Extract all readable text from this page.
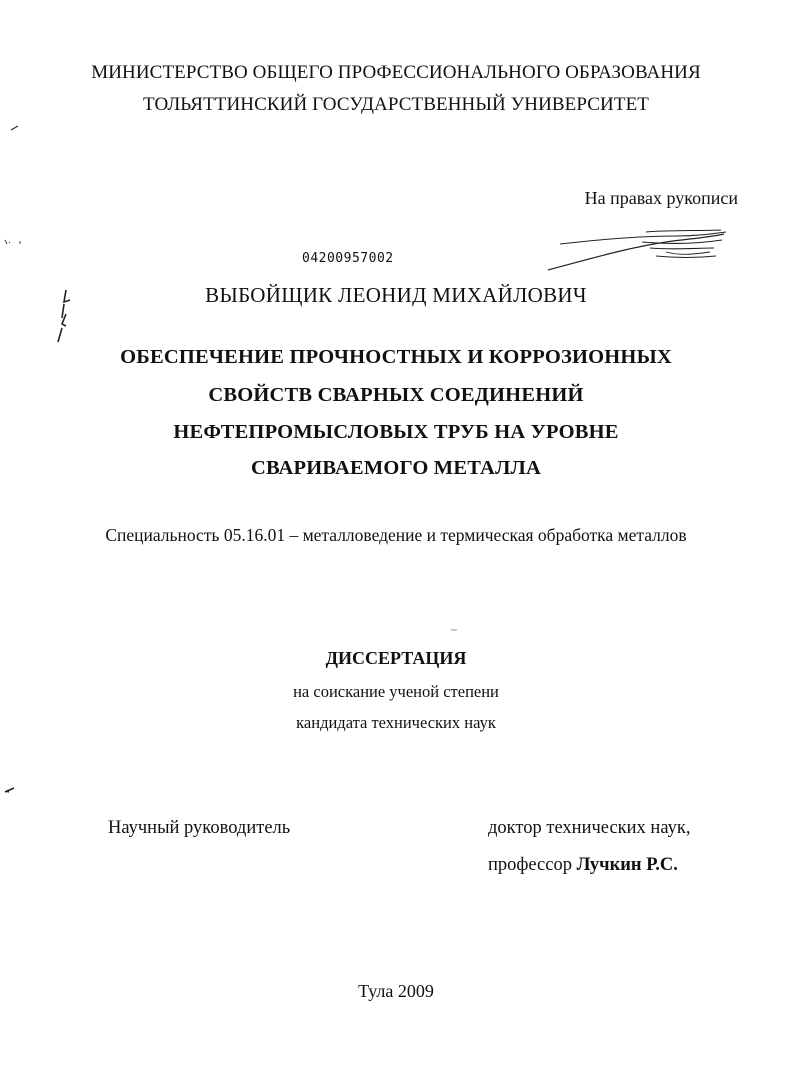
МИНИСТЕРСТВО ОБЩЕГО ПРОФЕССИОНАЛЬНОГО ОБРАЗОВАНИЯ
ТОЛЬЯТТИНСКИЙ ГОСУДАРСТВЕННЫЙ УНИВЕРСИТЕТ
На правах рукописи
04200957002
ВЫБОЙЩИК ЛЕОНИД МИХАЙЛОВИЧ
ОБЕСПЕЧЕНИЕ ПРОЧНОСТНЫХ И КОРРОЗИОННЫХ
СВОЙСТВ СВАРНЫХ СОЕДИНЕНИЙ
НЕФТЕПРОМЫСЛОВЫХ ТРУБ НА УРОВНЕ
СВАРИВАЕМОГО МЕТАЛЛА
Специальность 05.16.01 – металловедение и термическая обработка металлов
ДИССЕРТАЦИЯ
на соискание ученой степени
кандидата технических наук
Научный руководитель	доктор технических наук,
профессор Лучкин Р.С.
Тула 2009
